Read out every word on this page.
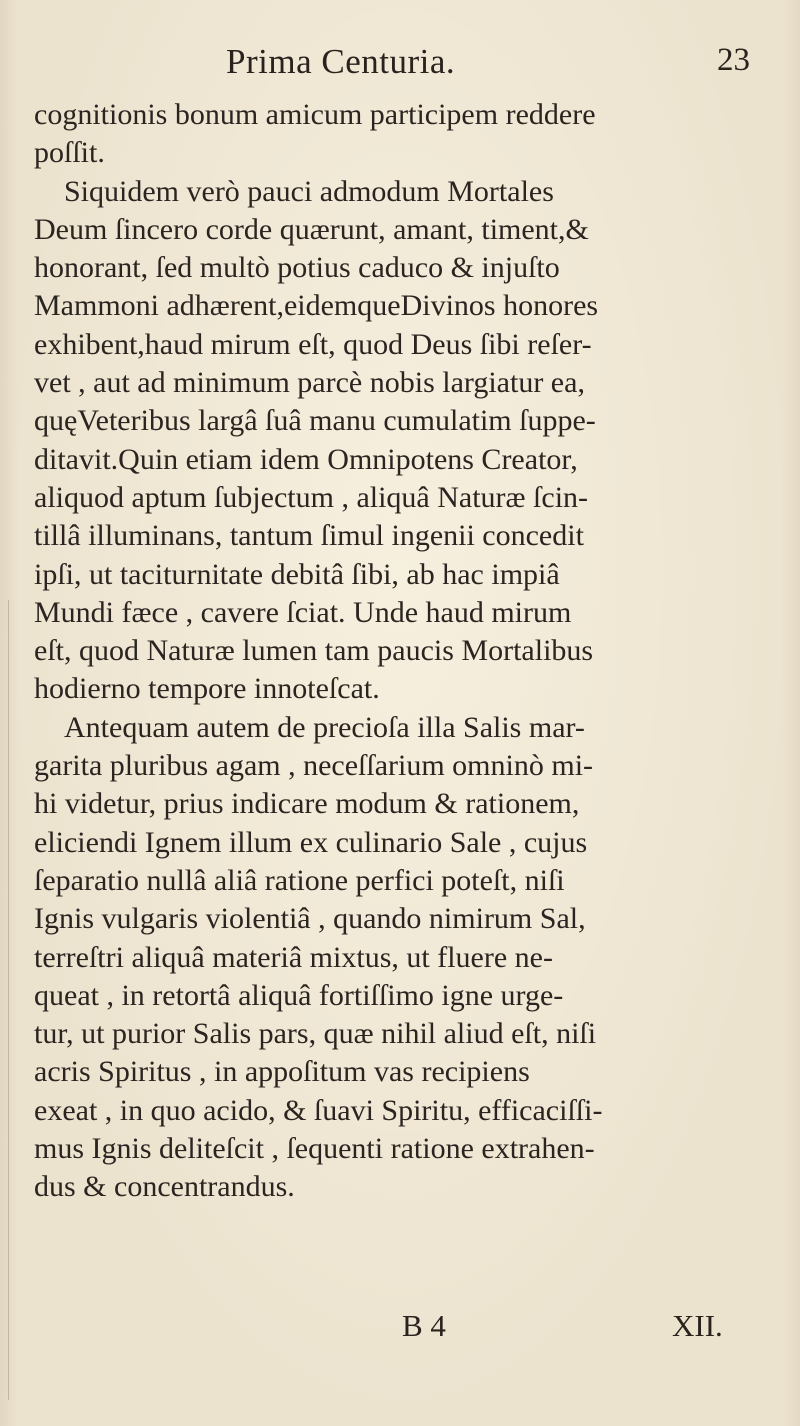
Prima Centuria.	23
cognitionis bonum amicum participem reddere
poſſit.
Siquidem verò pauci admodum Mortales
Deum ſincero corde quærunt, amant, timent,&
honorant, ſed multò potius caduco & injuſto
Mammoni adhærent,eidemqueDivinos honores
exhibent,haud mirum eſt, quod Deus ſibi reſer-
vet , aut ad minimum parcè nobis largiatur ea,
quęVeteribus largâ ſuâ manu cumulatim ſuppe-
ditavit.Quin etiam idem Omnipotens Creator,
aliquod aptum ſubjectum , aliquâ Naturæ ſcin-
tillâ illuminans, tantum ſimul ingenii concedit
ipſi, ut taciturnitate debitâ ſibi, ab hac impiâ
Mundi fæce , cavere ſciat. Unde haud mirum
eſt, quod Naturæ lumen tam paucis Mortalibus
hodierno tempore innoteſcat.
Antequam autem de precioſa illa Salis mar-
garita pluribus agam , neceſſarium omninò mi-
hi videtur, prius indicare modum & rationem,
eliciendi Ignem illum ex culinario Sale , cujus
ſeparatio nullâ aliâ ratione perfici poteſt, niſi
Ignis vulgaris violentiâ , quando nimirum Sal,
terreſtri aliquâ materiâ mixtus, ut fluere ne-
queat , in retortâ aliquâ fortiſſimo igne urge-
tur, ut purior Salis pars, quæ nihil aliud eſt, niſi
acris Spiritus , in appoſitum vas recipiens
exeat , in quo acido, & ſuavi Spiritu, efficaciſſi-
mus Ignis deliteſcit , ſequenti ratione extrahen-
dus & concentrandus.
B 4	XII.
